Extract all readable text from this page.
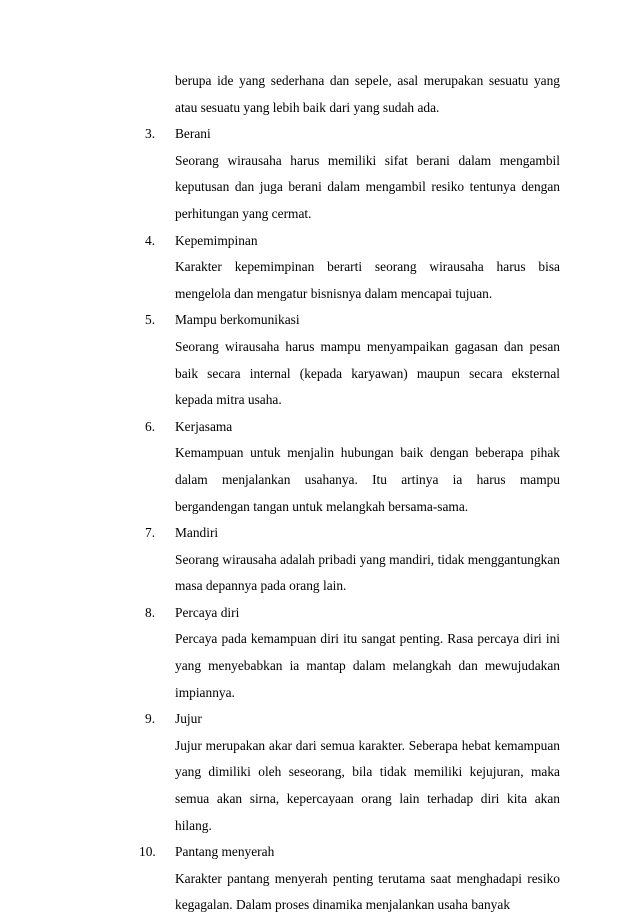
berupa ide yang sederhana dan sepele, asal merupakan sesuatu yang atau sesuatu yang lebih baik dari yang sudah ada.
3.	Berani
Seorang wirausaha harus memiliki sifat berani dalam mengambil keputusan dan juga berani dalam mengambil resiko tentunya dengan perhitungan yang cermat.
4.	Kepemimpinan
Karakter kepemimpinan berarti seorang wirausaha harus bisa mengelola dan mengatur bisnisnya dalam mencapai tujuan.
5.	Mampu berkomunikasi
Seorang wirausaha harus mampu menyampaikan gagasan dan pesan baik secara internal (kepada karyawan) maupun secara eksternal kepada mitra usaha.
6.	Kerjasama
Kemampuan untuk menjalin hubungan baik dengan beberapa pihak dalam menjalankan usahanya. Itu artinya ia harus mampu bergandengan tangan untuk melangkah bersama-sama.
7.	Mandiri
Seorang wirausaha adalah pribadi yang mandiri, tidak menggantungkan masa depannya pada orang lain.
8.	Percaya diri
Percaya pada kemampuan diri itu sangat penting. Rasa percaya diri ini yang menyebabkan ia mantap dalam melangkah dan mewujudakan impiannya.
9.	Jujur
Jujur merupakan akar dari semua karakter. Seberapa hebat kemampuan yang dimiliki oleh seseorang, bila tidak memiliki kejujuran, maka semua akan sirna, kepercayaan orang lain terhadap diri kita akan hilang.
10.	Pantang menyerah
Karakter pantang menyerah penting terutama saat menghadapi resiko kegagalan. Dalam proses dinamika menjalankan usaha banyak
